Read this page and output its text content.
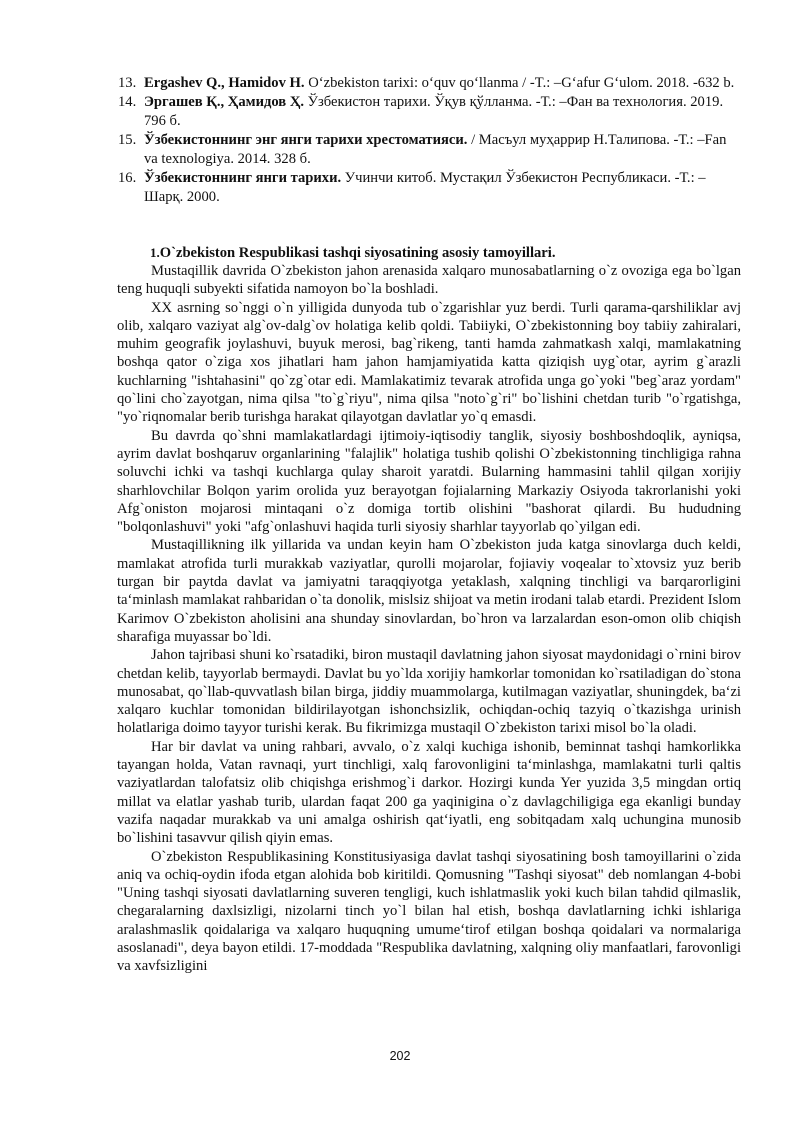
13. Ergashev Q., Hamidov H. O‘zbekiston tarixi: o‘quv qo‘llanma / -T.: –G‘afur G‘ulom. 2018. -632 b.
14. Эргашев Қ., Ҳамидов Ҳ. Ўзбекистон тарихи. Ўқув қўлланма. -Т.: –Фан ва технология. 2019. 796 б.
15. Ўзбекистоннинг энг янги тарихи хрестоматияси. / Масъул муҳаррир Н.Талипова. -Т.: –Fan va texnologiya. 2014. 328 б.
16. Ўзбекистоннинг янги тарихи. Учинчи китоб. Мустақил Ўзбекистон Республикаси. -Т.: –Шарқ. 2000.
1.O`zbekiston Respublikasi tashqi siyosatining asosiy tamoyillari.

Mustaqillik davrida O`zbekiston jahon arenasida xalqaro munosabatlarning o`z ovoziga ega bo`lgan teng huquqli subyekti sifatida namoyon bo`la boshladi.

XX asrning so`nggi o`n yilligida dunyoda tub o`zgarishlar yuz berdi. Turli qarama-qarshiliklar avj olib, xalqaro vaziyat alg`ov-dalg`ov holatiga kelib qoldi. Tabiiyki, O`zbekistonning boy tabiiy zahiralari, muhim geografik joylashuvi, buyuk merosi, bag`rikeng, tanti hamda zahmatkash xalqi, mamlakatning boshqa qator o`ziga xos jihatlari ham jahon hamjamiyatida katta qiziqish uyg`otar, ayrim g`arazli kuchlarning "ishtahasini" qo`zg`otar edi. Mamlakatimiz tevarak atrofida unga go`yoki "beg`araz yordam" qo`lini cho`zayotgan, nima qilsa "to`g`riyu", nima qilsa "noto`g`ri" bo`lishini chetdan turib "o`rgatishga, "yo`riqnomalar berib turishga harakat qilayotgan davlatlar yo`q emasdi.

Bu davrda qo`shni mamlakatlardagi ijtimoiy-iqtisodiy tanglik, siyosiy boshboshdoqlik, ayniqsa, ayrim davlat boshqaruv organlarining "falajlik" holatiga tushib qolishi O`zbekistonning tinchligiga rahna soluvchi ichki va tashqi kuchlarga qulay sharoit yaratdi. Bularning hammasini tahlil qilgan xorijiy sharhlovchilar Bolqon yarim orolida yuz berayotgan fojialarning Markaziy Osiyoda takrorlanishi yoki Afg`oniston mojarosi mintaqani o`z domiga tortib olishini "bashorat qilardi. Bu hududning "bolqonlashuvi" yoki "afg`onlashuvi haqida turli siyosiy sharhlar tayyorlab qo`yilgan edi.

Mustaqillikning ilk yillarida va undan keyin ham O`zbekiston juda katga sinovlarga duch keldi, mamlakat atrofida turli murakkab vaziyatlar, qurolli mojarolar, fojiaviy voqealar to`xtovsiz yuz berib turgan bir paytda davlat va jamiyatni taraqqiyotga yetaklash, xalqning tinchligi va barqarorligini ta‘minlash mamlakat rahbaridan o`ta donolik, mislsiz shijoat va metin irodani talab etardi. Prezident Islom Karimov O`zbekiston aholisini ana shunday sinovlardan, bo`hron va larzalardan eson-omon olib chiqish sharafiga muyassar bo`ldi.

Jahon tajribasi shuni ko`rsatadiki, biron mustaqil davlatning jahon siyosat maydonidagi o`rnini birov chetdan kelib, tayyorlab bermaydi. Davlat bu yo`lda xorijiy hamkorlar tomonidan ko`rsatiladigan do`stona munosabat, qo`llab-quvvatlash bilan birga, jiddiy muammolarga, kutilmagan vaziyatlar, shuningdek, ba‘zi xalqaro kuchlar tomonidan bildirilayotgan ishonchsizlik, ochiqdan-ochiq tazyiq o`tkazishga urinish holatlariga doimo tayyor turishi kerak. Bu fikrimizga mustaqil O`zbekiston tarixi misol bo`la oladi.

Har bir davlat va uning rahbari, avvalo, o`z xalqi kuchiga ishonib, beminnat tashqi hamkorlikka tayangan holda, Vatan ravnaqi, yurt tinchligi, xalq farovonligini ta‘minlashga, mamlakatni turli qaltis vaziyatlardan talofatsiz olib chiqishga erishmog`i darkor. Hozirgi kunda Yer yuzida 3,5 mingdan ortiq millat va elatlar yashab turib, ulardan faqat 200 ga yaqinigina o`z davlagchiligiga ega ekanligi bunday vazifa naqadar murakkab va uni amalga oshirish qat‘iyatli, eng sobitqadam xalq uchungina munosib bo`lishini tasavvur qilish qiyin emas.

O`zbekiston Respublikasining Konstitusiyasiga davlat tashqi siyosatining bosh tamoyillarini o`zida aniq va ochiq-oydin ifoda etgan alohida bob kiritildi. Qomusning "Tashqi siyosat" deb nomlangan 4-bobi "Uning tashqi siyosati davlatlarning suveren tengligi, kuch ishlatmaslik yoki kuch bilan tahdid qilmaslik, chegaralarning daxlsizligi, nizolarni tinch yo`l bilan hal etish, boshqa davlatlarning ichki ishlariga aralashmaslik qoidalariga va xalqaro huquqning umume‘tirof etilgan boshqa qoidalari va normalariga asoslanadi", deya bayon etildi. 17-moddada "Respublika davlatning, xalqning oliy manfaatlari, farovonligi va xavfsizligini

202
